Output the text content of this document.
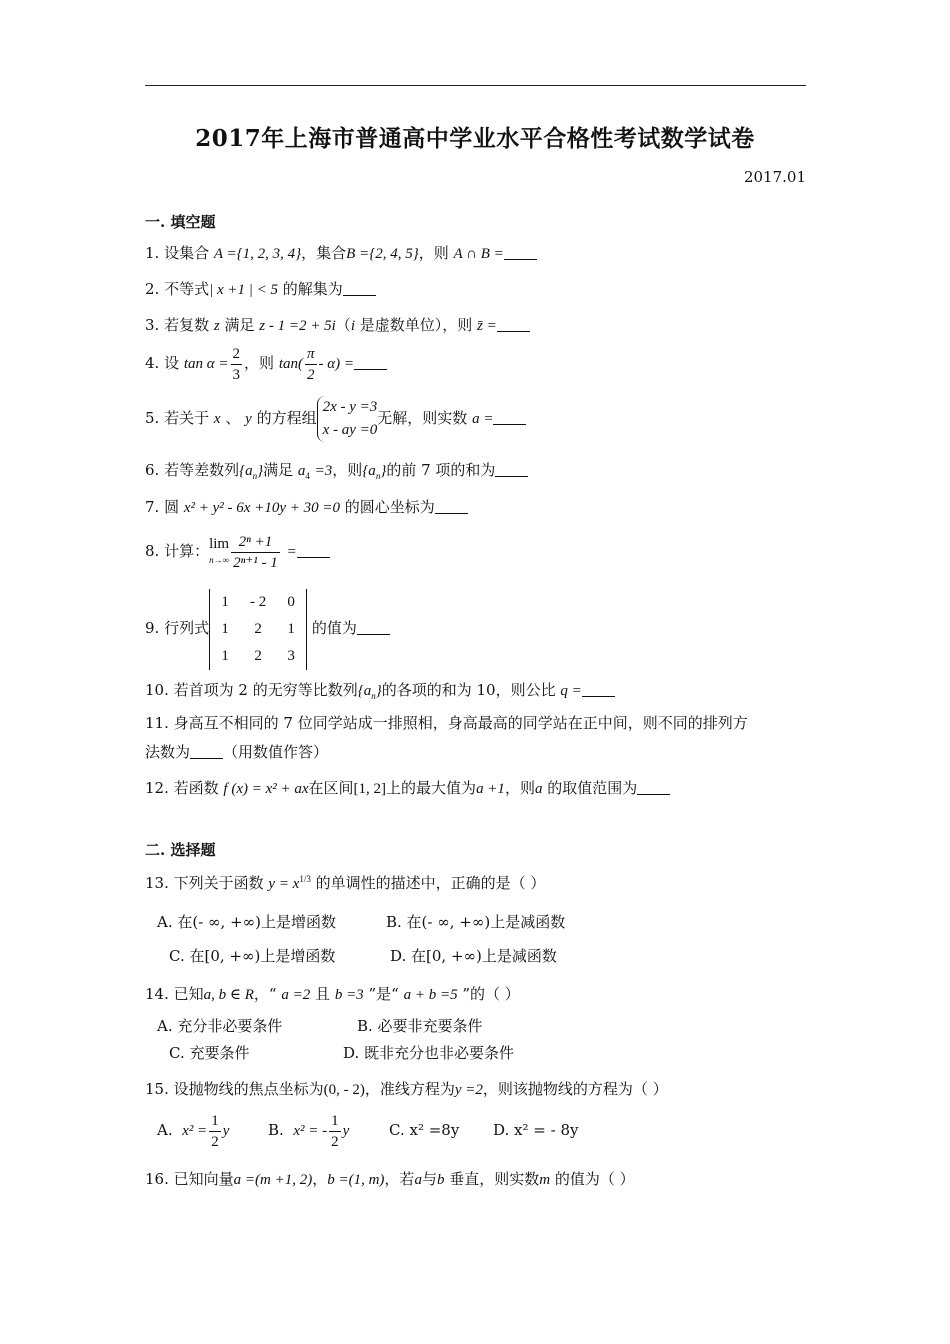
2017年上海市普通高中学业水平合格性考试数学试卷
2017.01
一. 填空题
1. 设集合 A ={1, 2, 3, 4}，集合B ={2, 4, 5}，则 A ∩ B =
2. 不等式| x +1 | < 5 的解集为
3. 若复数 z 满足 z - 1 =2 + 5i（i 是虚数单位），则 z̄ =
4. 设 $\tan \alpha = \frac{2}{3}$ ，则 $\tan( \frac{\pi}{2} - \alpha)$ =
5. 若关于 x 、 y 的方程组
2x - y =3
x - ay =0
无解，则实数 a =
6. 若等差数列$\{a_n\}$满足 $a_4 =3$，则$\{a_n\}$的前 7 项的和为
7. 圆 x² + y² - 6x +10y + 30 =0 的圆心坐标为
8. 计算： lim
$n\to\infty \frac{\text{2ⁿ +1}}{\text{2ⁿ⁺¹ - 1}}$ =
9. 行列式
1	- 2	0
1	2	1
1	2	3
的值为
10. 若首项为 2 的无穷等比数列$\{a_n\}$的各项的和为 10，则公比 q =
11. 身高互不相同的 7 位同学站成一排照相，身高最高的同学站在正中间，则不同的排列方
法数为 （用数值作答）
12. 若函数 f (x) = x² + ax在区间[1, 2]上的最大值为a +1，则a 的取值范围为
二. 选择题
13. 下列关于函数 $y = x^{1/3}$ 的单调性的描述中，正确的是（ ）
A. 在(- ∞, +∞)上是增函数	B. 在(- ∞, +∞)上是减函数
C. 在[0, +∞)上是增函数	D. 在[0, +∞)上是减函数
14. 已知a, b ∈ R，“ a =2 且 b =3 ”是“ a + b =5 ”的（ ）
A. 充分非必要条件	B. 必要非充要条件
C. 充要条件	D. 既非充分也非必要条件
15. 设抛物线的焦点坐标为(0, - 2)，准线方程为y =2，则该抛物线的方程为（ ）
A. $x^2 = \frac{1}{2}$ y	B. x² = - $\frac{1}{2}$ y	C. x² =8y D. x² = - 8y
16. 已知向量a =(m +1, 2)，b =(1, m)，若a与b 垂直，则实数m 的值为（ ）
